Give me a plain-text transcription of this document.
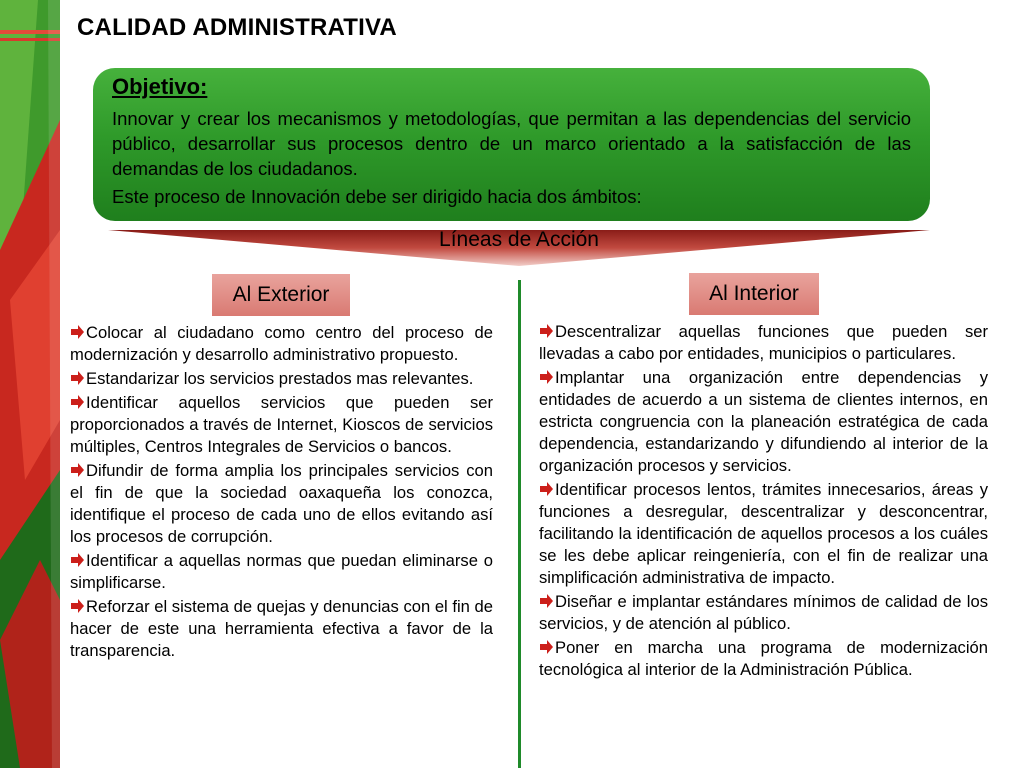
CALIDAD ADMINISTRATIVA
Objetivo:
Innovar y crear los mecanismos y metodologías, que permitan a las dependencias del servicio público, desarrollar sus procesos dentro de un marco orientado a la satisfacción de las demandas de los ciudadanos.
Este proceso de Innovación debe ser dirigido hacia dos ámbitos:
Líneas de Acción
Al Exterior	Al Interior
Colocar al ciudadano como centro del proceso de modernización y desarrollo administrativo propuesto.
Estandarizar los servicios prestados mas relevantes.
Identificar aquellos servicios que pueden ser proporcionados a través de Internet, Kioscos de servicios múltiples, Centros Integrales de Servicios o bancos.
Difundir de forma amplia los principales servicios con el fin de que la sociedad oaxaqueña los conozca, identifique el proceso de cada uno de ellos evitando así los procesos de corrupción.
Identificar a aquellas normas que puedan eliminarse o simplificarse.
Reforzar el sistema de quejas y denuncias con el fin de hacer de este una herramienta efectiva a favor de la transparencia.
Descentralizar aquellas funciones que pueden ser llevadas a cabo por entidades, municipios o particulares.
Implantar una organización entre dependencias y entidades de acuerdo a un sistema de clientes internos, en estricta congruencia con la planeación estratégica de cada dependencia, estandarizando y difundiendo al interior de la organización procesos y servicios.
Identificar procesos lentos, trámites innecesarios, áreas y funciones a desregular, descentralizar y desconcentrar, facilitando la identificación de aquellos procesos a los cuáles se les debe aplicar reingeniería, con el fin de realizar una simplificación administrativa de impacto.
Diseñar e implantar estándares mínimos de calidad de los servicios, y de atención al público.
Poner en marcha una programa de modernización tecnológica al interior de la Administración Pública.
